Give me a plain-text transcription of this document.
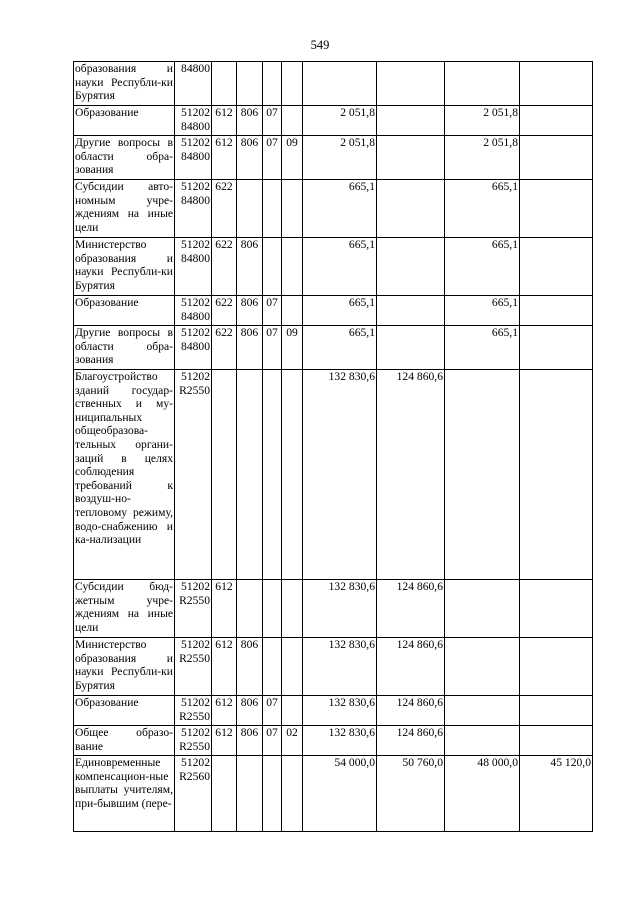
549
образования и науки Республи-ки Бурятия	84800								
Образование	51202 84800	612	806	07		2 051,8		2 051,8	
Другие вопросы в области обра-зования	51202 84800	612	806	07	09	2 051,8		2 051,8	
Субсидии авто-номным учре-ждениям на иные цели	51202 84800	622				665,1		665,1	
Министерство образования и науки Республи-ки Бурятия	51202 84800	622	806			665,1		665,1	
Образование	51202 84800	622	806	07		665,1		665,1	
Другие вопросы в области обра-зования	51202 84800	622	806	07	09	665,1		665,1	
Благоустройство зданий государ-ственных и му-ниципальных общеобразова-тельных органи-заций в целях соблюдения требований к воздуш-но-тепловому режиму, водо-снабжению и ка-нализации	51202 R2550					132 830,6	124 860,6		
Субсидии бюд-жетным учре-ждениям на иные цели	51202 R2550	612				132 830,6	124 860,6		
Министерство образования и науки Республи-ки Бурятия	51202 R2550	612	806			132 830,6	124 860,6		
Образование	51202 R2550	612	806	07		132 830,6	124 860,6		
Общее образо-вание	51202 R2550	612	806	07	02	132 830,6	124 860,6		
Единовременные компенсацион-ные выплаты учителям, при-бывшим (пере-	51202 R2560					54 000,0	50 760,0	48 000,0	45 120,0
